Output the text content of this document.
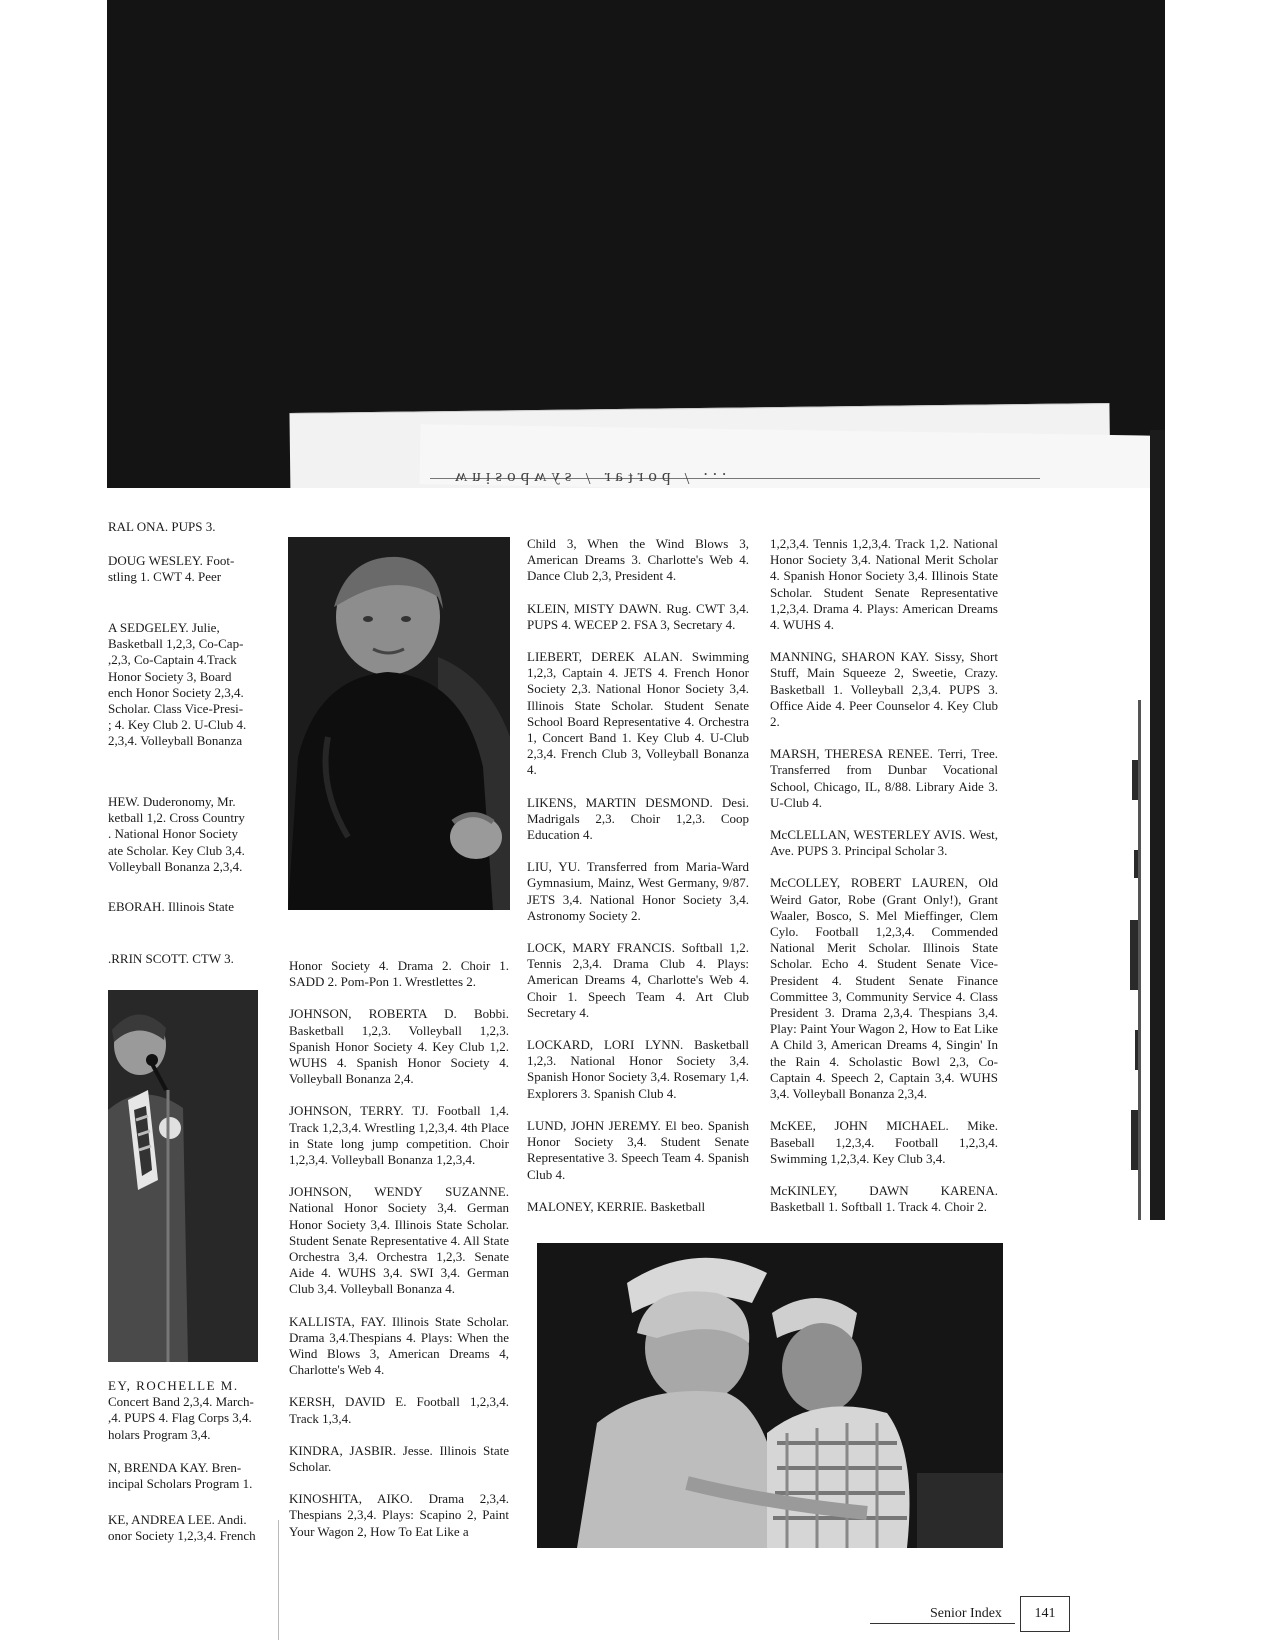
wnisodwʎs / ɹɐʇɹod / ...
RAL ONA. PUPS 3.
DOUG WESLEY. Foot-
stling 1. CWT 4. Peer
A SEDGELEY. Julie,
Basketball 1,2,3, Co-Cap-
,2,3, Co-Captain 4.Track
Honor Society 3, Board
ench Honor Society 2,3,4.
Scholar. Class Vice-Presi-
; 4. Key Club 2. U-Club 4.
2,3,4. Volleyball Bonanza
HEW. Duderonomy, Mr.
ketball 1,2. Cross Country
. National Honor Society
ate Scholar. Key Club 3,4.
Volleyball Bonanza 2,3,4.
EBORAH. Illinois State
.RRIN SCOTT. CTW 3.
EY, ROCHELLE M.
Concert Band 2,3,4. March-
,4. PUPS 4. Flag Corps 3,4.
holars Program 3,4.
N, BRENDA KAY. Bren-
incipal Scholars Program 1.
KE, ANDREA LEE. Andi.
onor Society 1,2,3,4. French

Honor Society 4. Drama 2. Choir 1. SADD 2. Pom-Pon 1. Wrestlettes 2.

JOHNSON, ROBERTA D. Bobbi. Basketball 1,2,3. Volleyball 1,2,3. Spanish Honor Society 4. Key Club 1,2. WUHS 4. Spanish Honor Society 4. Volleyball Bonanza 2,4.

JOHNSON, TERRY. TJ. Football 1,4. Track 1,2,3,4. Wrestling 1,2,3,4. 4th Place in State long jump competition. Choir 1,2,3,4. Volleyball Bonanza 1,2,3,4.

JOHNSON, WENDY SUZANNE. National Honor Society 3,4. German Honor Society 3,4. Illinois State Scholar. Student Senate Representative 4. All State Orchestra 3,4. Orchestra 1,2,3. Senate Aide 4. WUHS 3,4. SWI 3,4. German Club 3,4. Volleyball Bonanza 4.

KALLISTA, FAY. Illinois State Scholar. Drama 3,4.Thespians 4. Plays: When the Wind Blows 3, American Dreams 4, Charlotte's Web 4.

KERSH, DAVID E. Football 1,2,3,4. Track 1,3,4.

KINDRA, JASBIR. Jesse. Illinois State Scholar.

KINOSHITA, AIKO. Drama 2,3,4. Thespians 2,3,4. Plays: Scapino 2, Paint Your Wagon 2, How To Eat Like a

Child 3, When the Wind Blows 3, American Dreams 3. Charlotte's Web 4. Dance Club 2,3, President 4.

KLEIN, MISTY DAWN. Rug. CWT 3,4. PUPS 4. WECEP 2. FSA 3, Secretary 4.

LIEBERT, DEREK ALAN. Swimming 1,2,3, Captain 4. JETS 4. French Honor Society 2,3. National Honor Society 3,4. Illinois State Scholar. Student Senate School Board Representative 4. Orchestra 1, Concert Band 1. Key Club 4. U-Club 2,3,4. French Club 3, Volleyball Bonanza 4.

LIKENS, MARTIN DESMOND. Desi. Madrigals 2,3. Choir 1,2,3. Coop Education 4.

LIU, YU. Transferred from Maria-Ward Gymnasium, Mainz, West Germany, 9/87. JETS 3,4. National Honor Society 3,4. Astronomy Society 2.

LOCK, MARY FRANCIS. Softball 1,2. Tennis 2,3,4. Drama Club 4. Plays: American Dreams 4, Charlotte's Web 4. Choir 1. Speech Team 4. Art Club Secretary 4.

LOCKARD, LORI LYNN. Basketball 1,2,3. National Honor Society 3,4. Spanish Honor Society 3,4. Rosemary 1,4. Explorers 3. Spanish Club 4.

LUND, JOHN JEREMY. El beo. Spanish Honor Society 3,4. Student Senate Representative 3. Speech Team 4. Spanish Club 4.

MALONEY, KERRIE. Basketball

1,2,3,4. Tennis 1,2,3,4. Track 1,2. National Honor Society 3,4. National Merit Scholar 4. Spanish Honor Society 3,4. Illinois State Scholar. Student Senate Representative 1,2,3,4. Drama 4. Plays: American Dreams 4. WUHS 4.

MANNING, SHARON KAY. Sissy, Short Stuff, Main Squeeze 2, Sweetie, Crazy. Basketball 1. Volleyball 2,3,4. PUPS 3. Office Aide 4. Peer Counselor 4. Key Club 2.

MARSH, THERESA RENEE. Terri, Tree. Transferred from Dunbar Vocational School, Chicago, IL, 8/88. Library Aide 3. U-Club 4.

McCLELLAN, WESTERLEY AVIS. West, Ave. PUPS 3. Principal Scholar 3.

McCOLLEY, ROBERT LAUREN, Old Weird Gator, Robe (Grant Only!), Grant Waaler, Bosco, S. Mel Mieffinger, Clem Cylo. Football 1,2,3,4. Commended National Merit Scholar. Illinois State Scholar. Echo 4. Student Senate Vice-President 4. Student Senate Finance Committee 3, Community Service 4. Class President 3. Drama 2,3,4. Thespians 3,4. Play: Paint Your Wagon 2, How to Eat Like A Child 3, American Dreams 4, Singin' In the Rain 4. Scholastic Bowl 2,3, Co-Captain 4. Speech 2, Captain 3,4. WUHS 3,4. Volleyball Bonanza 2,3,4.

McKEE, JOHN MICHAEL. Mike. Baseball 1,2,3,4. Football 1,2,3,4. Swimming 1,2,3,4. Key Club 3,4.

McKINLEY, DAWN KARENA. Basketball 1. Softball 1. Track 4. Choir 2.

Senior Index	141
